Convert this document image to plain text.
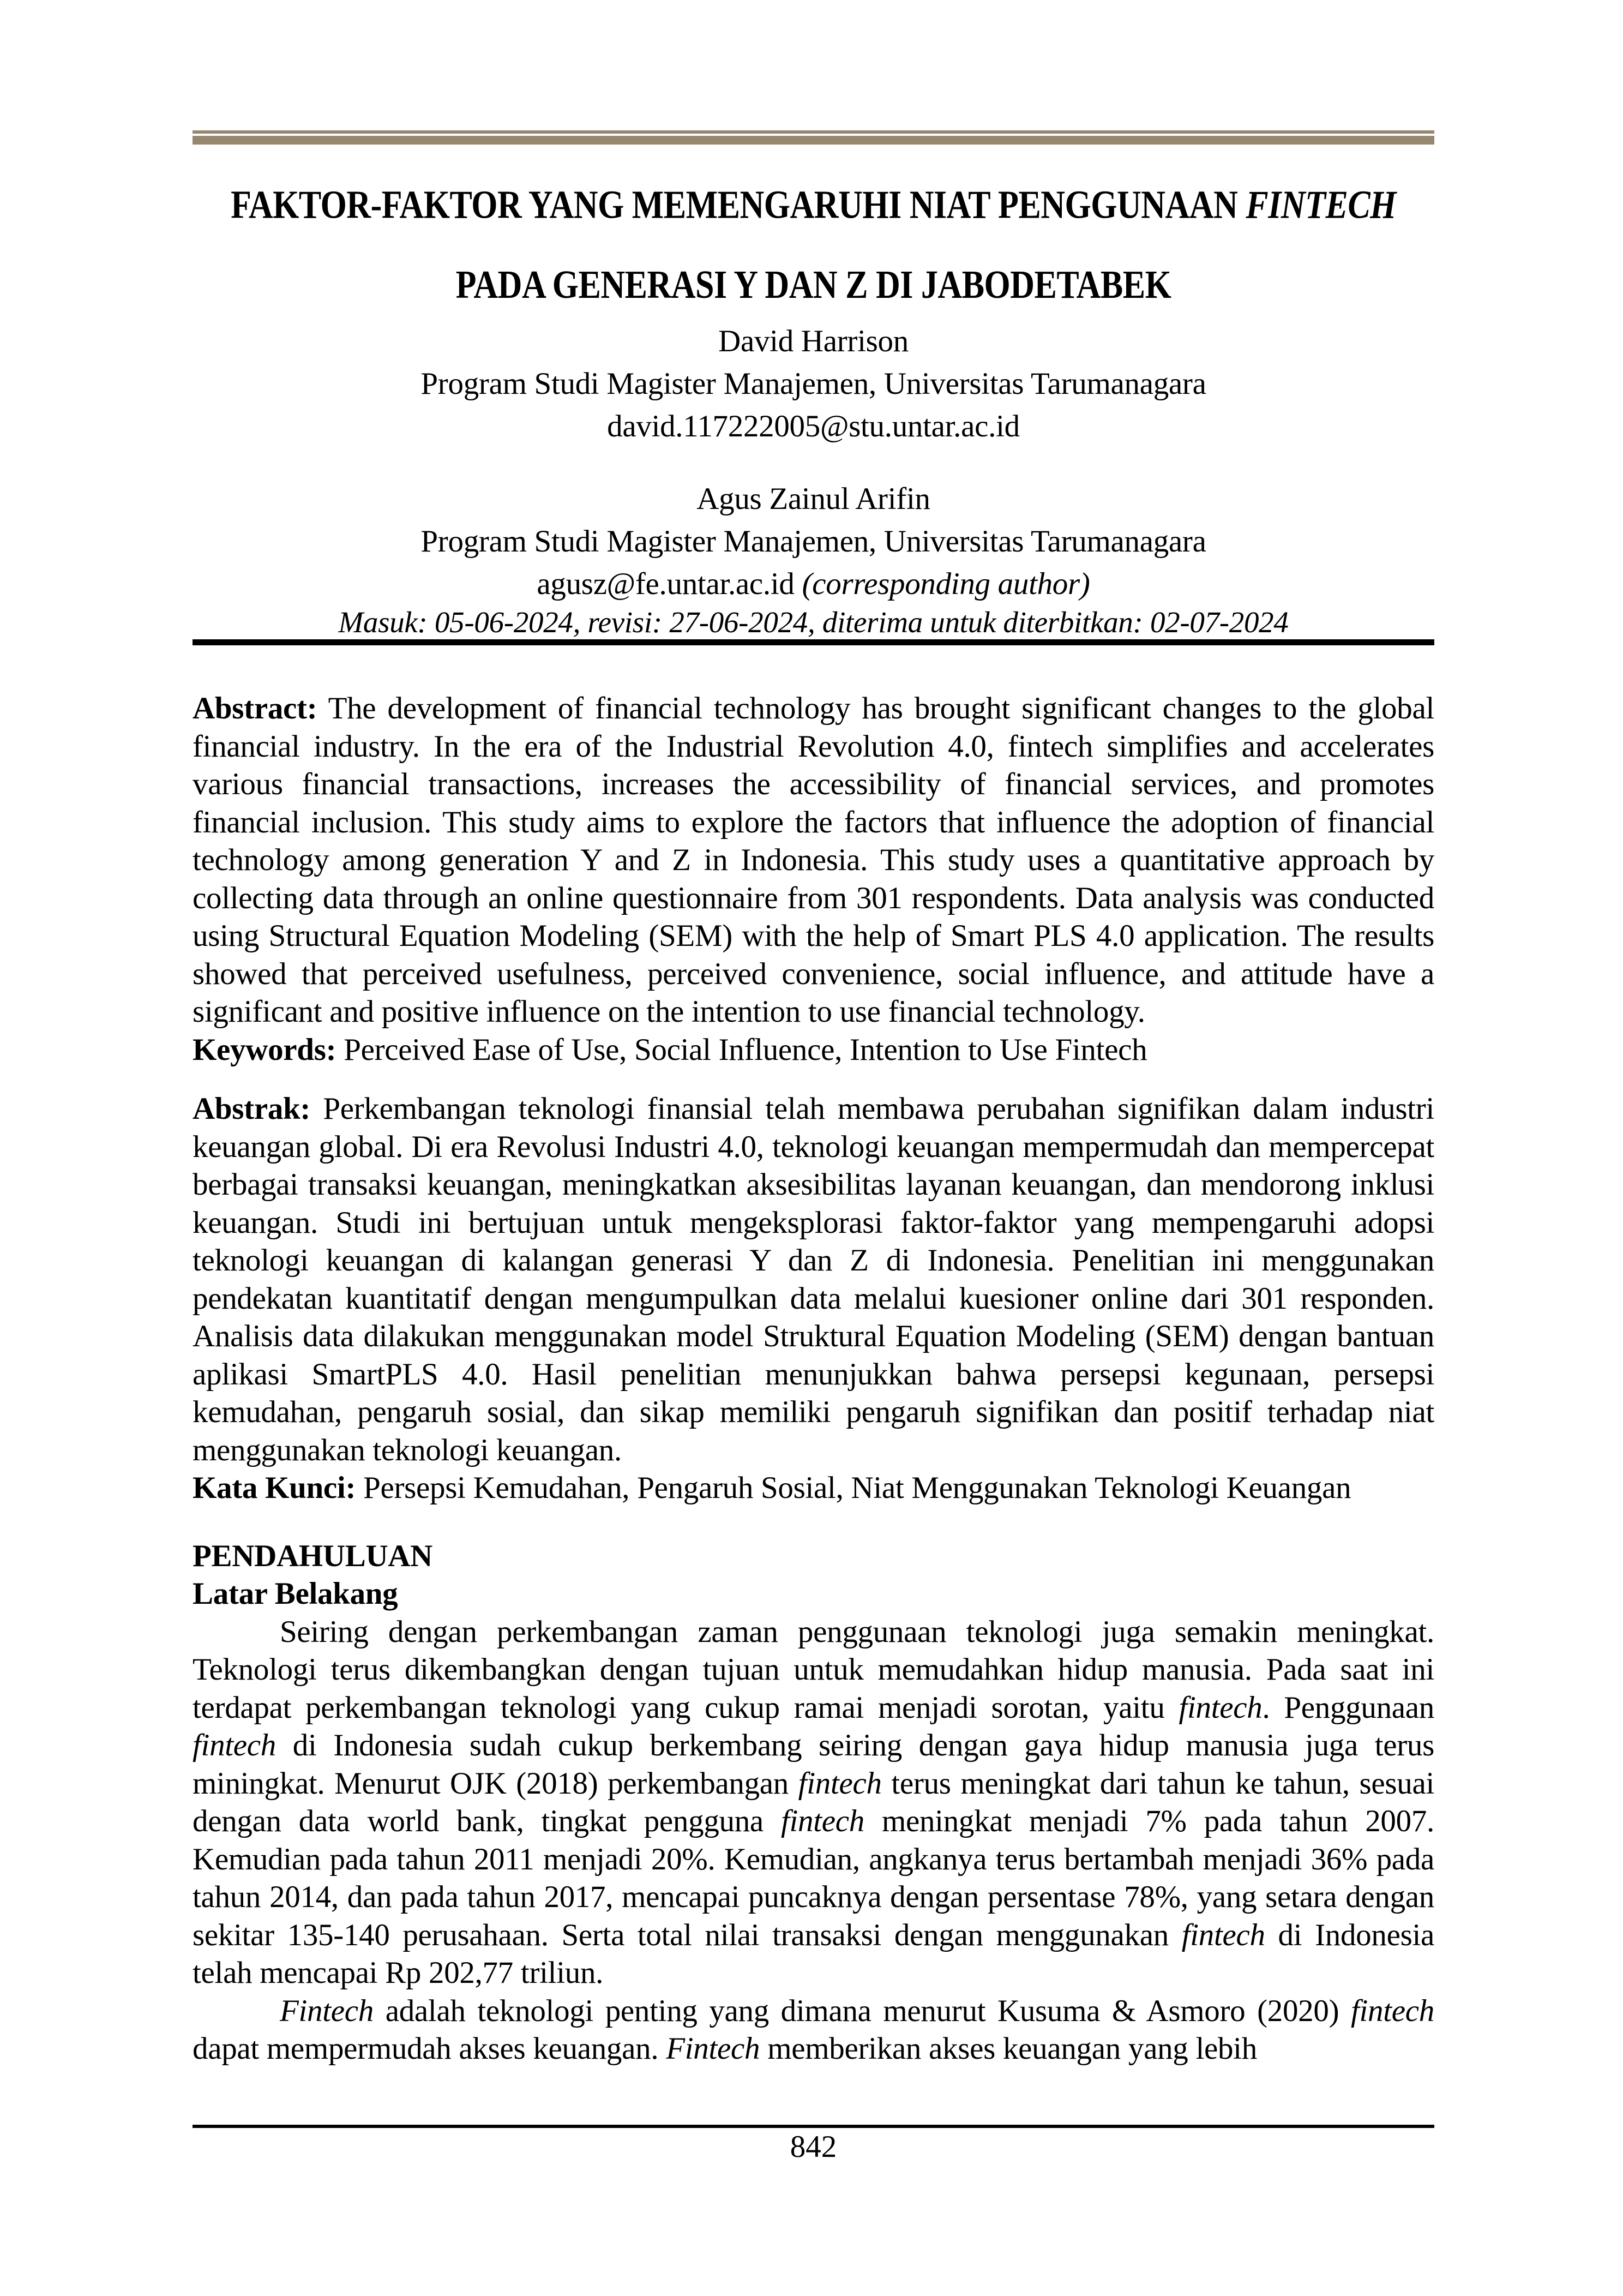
FAKTOR-FAKTOR YANG MEMENGARUHI NIAT PENGGUNAAN FINTECH
PADA GENERASI Y DAN Z DI JABODETABEK
David Harrison
Program Studi Magister Manajemen, Universitas Tarumanagara
david.117222005@stu.untar.ac.id
Agus Zainul Arifin
Program Studi Magister Manajemen, Universitas Tarumanagara
agusz@fe.untar.ac.id (corresponding author)
Masuk: 05-06-2024, revisi: 27-06-2024, diterima untuk diterbitkan: 02-07-2024
Abstract: The development of financial technology has brought significant changes to the global financial industry. In the era of the Industrial Revolution 4.0, fintech simplifies and accelerates various financial transactions, increases the accessibility of financial services, and promotes financial inclusion. This study aims to explore the factors that influence the adoption of financial technology among generation Y and Z in Indonesia. This study uses a quantitative approach by collecting data through an online questionnaire from 301 respondents. Data analysis was conducted using Structural Equation Modeling (SEM) with the help of Smart PLS 4.0 application. The results showed that perceived usefulness, perceived convenience, social influence, and attitude have a significant and positive influence on the intention to use financial technology.
Keywords: Perceived Ease of Use, Social Influence, Intention to Use Fintech
Abstrak: Perkembangan teknologi finansial telah membawa perubahan signifikan dalam industri keuangan global. Di era Revolusi Industri 4.0, teknologi keuangan mempermudah dan mempercepat berbagai transaksi keuangan, meningkatkan aksesibilitas layanan keuangan, dan mendorong inklusi keuangan. Studi ini bertujuan untuk mengeksplorasi faktor-faktor yang mempengaruhi adopsi teknologi keuangan di kalangan generasi Y dan Z di Indonesia. Penelitian ini menggunakan pendekatan kuantitatif dengan mengumpulkan data melalui kuesioner online dari 301 responden. Analisis data dilakukan menggunakan model Struktural Equation Modeling (SEM) dengan bantuan aplikasi SmartPLS 4.0. Hasil penelitian menunjukkan bahwa persepsi kegunaan, persepsi kemudahan, pengaruh sosial, dan sikap memiliki pengaruh signifikan dan positif terhadap niat menggunakan teknologi keuangan.
Kata Kunci: Persepsi Kemudahan, Pengaruh Sosial, Niat Menggunakan Teknologi Keuangan
PENDAHULUAN
Latar Belakang
Seiring dengan perkembangan zaman penggunaan teknologi juga semakin meningkat. Teknologi terus dikembangkan dengan tujuan untuk memudahkan hidup manusia. Pada saat ini terdapat perkembangan teknologi yang cukup ramai menjadi sorotan, yaitu fintech. Penggunaan fintech di Indonesia sudah cukup berkembang seiring dengan gaya hidup manusia juga terus miningkat. Menurut OJK (2018) perkembangan fintech terus meningkat dari tahun ke tahun, sesuai dengan data world bank, tingkat pengguna fintech meningkat menjadi 7% pada tahun 2007. Kemudian pada tahun 2011 menjadi 20%. Kemudian, angkanya terus bertambah menjadi 36% pada tahun 2014, dan pada tahun 2017, mencapai puncaknya dengan persentase 78%, yang setara dengan sekitar 135-140 perusahaan. Serta total nilai transaksi dengan menggunakan fintech di Indonesia telah mencapai Rp 202,77 triliun.
Fintech adalah teknologi penting yang dimana menurut Kusuma & Asmoro (2020) fintech dapat mempermudah akses keuangan. Fintech memberikan akses keuangan yang lebih
842
